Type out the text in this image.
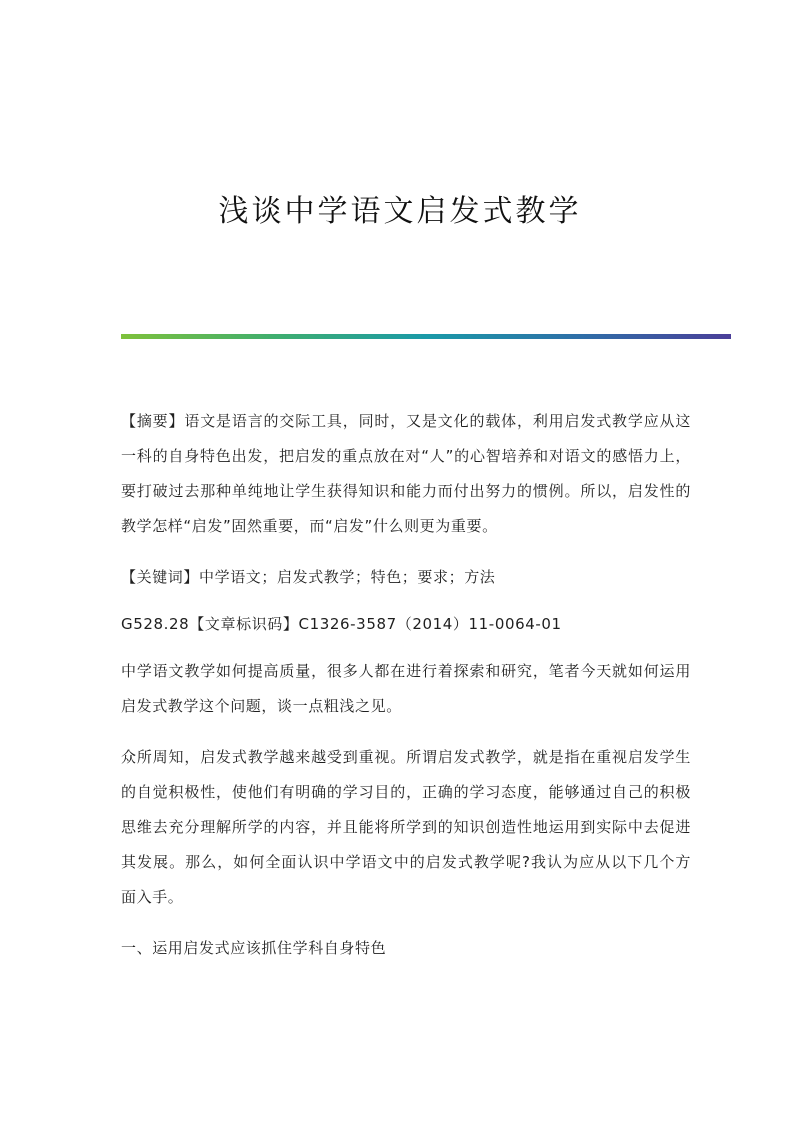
浅谈中学语文启发式教学

【摘要】语文是语言的交际工具，同时，又是文化的载体，利用启发式教学应从这一科的自身特色出发，把启发的重点放在对“人”的心智培养和对语文的感悟力上，要打破过去那种单纯地让学生获得知识和能力而付出努力的惯例。所以，启发性的教学怎样“启发”固然重要，而“启发”什么则更为重要。

【关键词】中学语文；启发式教学；特色；要求；方法

G528.28【文章标识码】C1326-3587（2014）11-0064-01

中学语文教学如何提高质量，很多人都在进行着探索和研究，笔者今天就如何运用启发式教学这个问题，谈一点粗浅之见。

众所周知，启发式教学越来越受到重视。所谓启发式教学，就是指在重视启发学生的自觉积极性，使他们有明确的学习目的，正确的学习态度，能够通过自己的积极思维去充分理解所学的内容，并且能将所学到的知识创造性地运用到实际中去促进其发展。那么，如何全面认识中学语文中的启发式教学呢?我认为应从以下几个方面入手。

一、运用启发式应该抓住学科自身特色
